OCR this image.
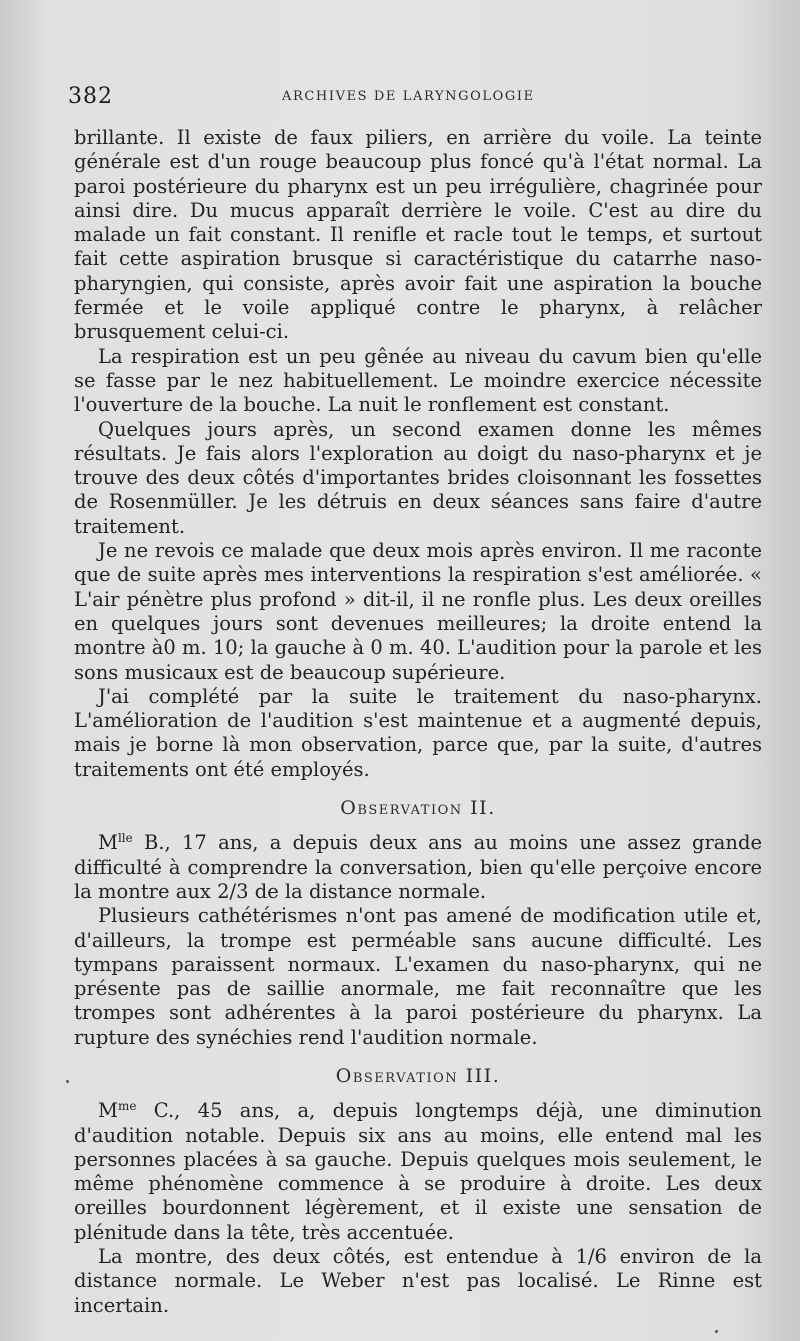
382	ARCHIVES DE LARYNGOLOGIE

brillante. Il existe de faux piliers, en arrière du voile. La teinte générale est d'un rouge beaucoup plus foncé qu'à l'état normal. La paroi postérieure du pharynx est un peu irrégulière, chagrinée pour ainsi dire. Du mucus apparaît derrière le voile. C'est au dire du malade un fait constant. Il renifle et racle tout le temps, et surtout fait cette aspiration brusque si caractéristique du catarrhe naso-pharyngien, qui consiste, après avoir fait une aspiration la bouche fermée et le voile appliqué contre le pharynx, à relâcher brusquement celui-ci.

La respiration est un peu gênée au niveau du cavum bien qu'elle se fasse par le nez habituellement. Le moindre exercice nécessite l'ouverture de la bouche. La nuit le ronflement est constant.

Quelques jours après, un second examen donne les mêmes résultats. Je fais alors l'exploration au doigt du naso-pharynx et je trouve des deux côtés d'importantes brides cloisonnant les fossettes de Rosenmüller. Je les détruis en deux séances sans faire d'autre traitement.

Je ne revois ce malade que deux mois après environ. Il me raconte que de suite après mes interventions la respiration s'est améliorée. « L'air pénètre plus profond » dit-il, il ne ronfle plus. Les deux oreilles en quelques jours sont devenues meilleures; la droite entend la montre à0 m. 10; la gauche à 0 m. 40. L'audition pour la parole et les sons musicaux est de beaucoup supérieure.

J'ai complété par la suite le traitement du naso-pharynx. L'amélioration de l'audition s'est maintenue et a augmenté depuis, mais je borne là mon observation, parce que, par la suite, d'autres traitements ont été employés.

Observation II.

$M^{lle}$ B., 17 ans, a depuis deux ans au moins une assez grande difficulté à comprendre la conversation, bien qu'elle perçoive encore la montre aux 2/3 de la distance normale.

Plusieurs cathétérismes n'ont pas amené de modification utile et, d'ailleurs, la trompe est perméable sans aucune difficulté. Les tympans paraissent normaux. L'examen du naso-pharynx, qui ne présente pas de saillie anormale, me fait reconnaître que les trompes sont adhérentes à la paroi postérieure du pharynx. La rupture des synéchies rend l'audition normale.

Observation III.

$M^{me}$ C., 45 ans, a, depuis longtemps déjà, une diminution d'audition notable. Depuis six ans au moins, elle entend mal les personnes placées à sa gauche. Depuis quelques mois seulement, le même phénomène commence à se produire à droite. Les deux oreilles bourdonnent légèrement, et il existe une sensation de plénitude dans la tête, très accentuée.

La montre, des deux côtés, est entendue à 1/6 environ de la distance normale. Le Weber n'est pas localisé. Le Rinne est incertain.
